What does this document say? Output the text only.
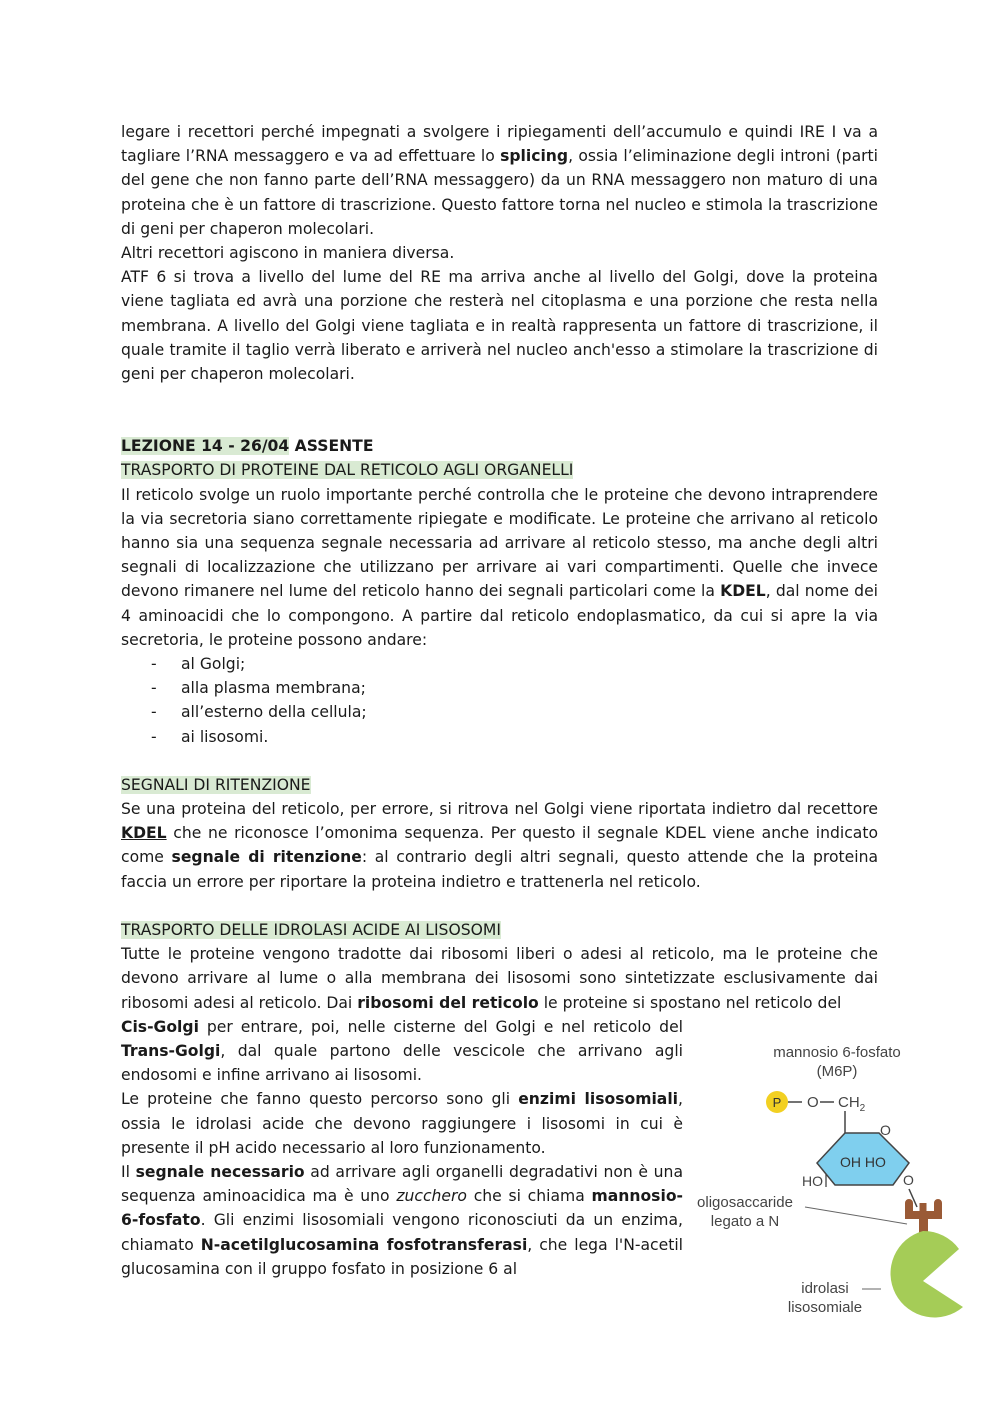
legare i recettori perché impegnati a svolgere i ripiegamenti dell’accumulo e quindi IRE I va a tagliare l’RNA messaggero e va ad effettuare lo splicing, ossia l’eliminazione degli introni (parti del gene che non fanno parte dell’RNA messaggero) da un RNA messaggero non maturo di una proteina che è un fattore di trascrizione. Questo fattore torna nel nucleo e stimola la trascrizione di geni per chaperon molecolari.

Altri recettori agiscono in maniera diversa.

ATF 6 si trova a livello del lume del RE ma arriva anche al livello del Golgi, dove la proteina viene tagliata ed avrà una porzione che resterà nel citoplasma e una porzione che resta nella membrana. A livello del Golgi viene tagliata e in realtà rappresenta un fattore di trascrizione, il quale tramite il taglio verrà liberato e arriverà nel nucleo anch'esso a stimolare la trascrizione di geni per chaperon molecolari.

LEZIONE 14 - 26/04 ASSENTE
TRASPORTO DI PROTEINE DAL RETICOLO AGLI ORGANELLI

Il reticolo svolge un ruolo importante perché controlla che le proteine che devono intraprendere la via secretoria siano correttamente ripiegate e modificate. Le proteine che arrivano al reticolo hanno sia una sequenza segnale necessaria ad arrivare al reticolo stesso, ma anche degli altri segnali di localizzazione che utilizzano per arrivare ai vari compartimenti. Quelle che invece devono rimanere nel lume del reticolo hanno dei segnali particolari come la KDEL, dal nome dei 4 aminoacidi che lo compongono. A partire dal reticolo endoplasmatico, da cui si apre la via secretoria, le proteine possono andare:

- al Golgi;
- alla plasma membrana;
- all’esterno della cellula;
- ai lisosomi.
SEGNALI DI RITENZIONE

Se una proteina del reticolo, per errore, si ritrova nel Golgi viene riportata indietro dal recettore KDEL che ne riconosce l’omonima sequenza. Per questo il segnale KDEL viene anche indicato come segnale di ritenzione: al contrario degli altri segnali, questo attende che la proteina faccia un errore per riportare la proteina indietro e trattenerla nel reticolo.

TRASPORTO DELLE IDROLASI ACIDE AI LISOSOMI

Tutte le proteine vengono tradotte dai ribosomi liberi o adesi al reticolo, ma le proteine che devono arrivare al lume o alla membrana dei lisosomi sono sintetizzate esclusivamente dai ribosomi adesi al reticolo. Dai ribosomi del reticolo le proteine si spostano nel reticolo del

Cis-Golgi per entrare, poi, nelle cisterne del Golgi e nel reticolo del Trans-Golgi, dal quale partono delle vescicole che arrivano agli endosomi e infine arrivano ai lisosomi.

Le proteine che fanno questo percorso sono gli enzimi lisosomiali, ossia le idrolasi acide che devono raggiungere i lisosomi in cui è presente il pH acido necessario al loro funzionamento.

Il segnale necessario ad arrivare agli organelli degradativi non è una sequenza aminoacidica ma è uno zucchero che si chiama mannosio-6-fosfato. Gli enzimi lisosomiali vengono riconosciuti da un enzima, chiamato N-acetilglucosamina fosfotransferasi, che lega l'N-acetil glucosamina con il gruppo fosfato in posizione 6 al

mannosio 6-fosfato
(M6P)
P O $CH_2$
O
OH HO
HO	O
oligosaccaride
legato a N
idrolasi
lisosomiale
